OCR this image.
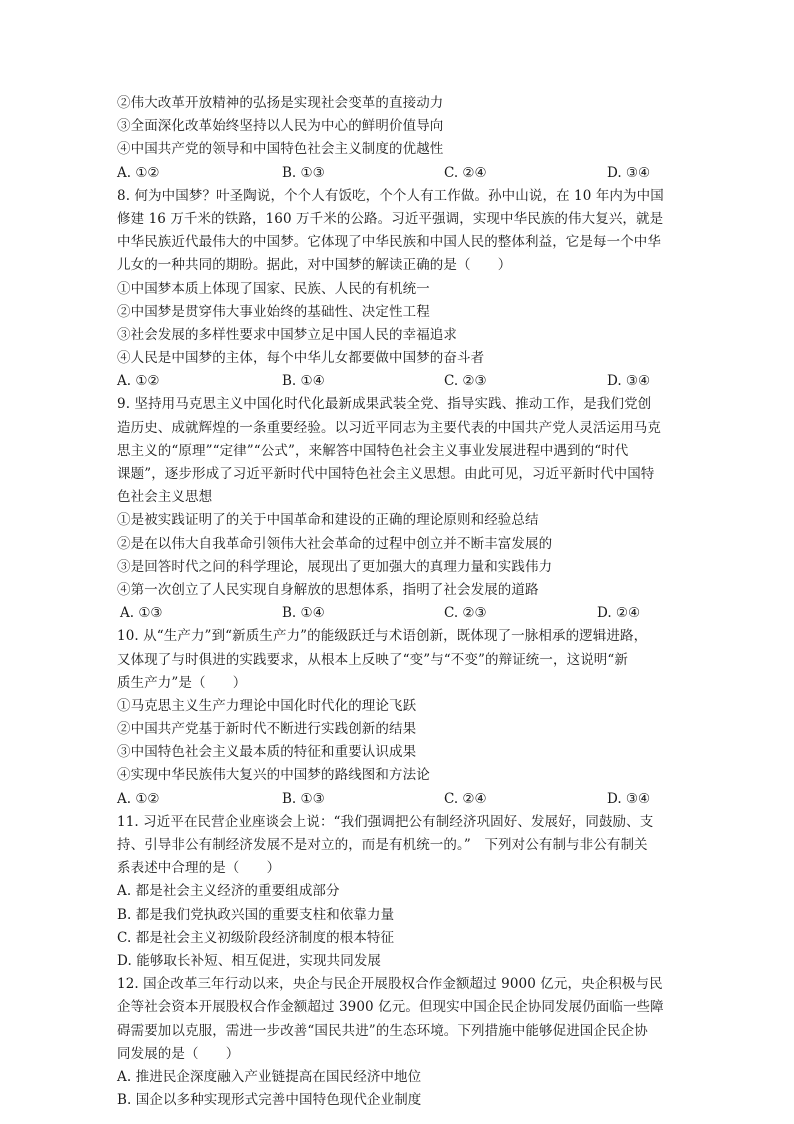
②伟大改革开放精神的弘扬是实现社会变革的直接动力
③全面深化改革始终坚持以人民为中心的鲜明价值导向
④中国共产党的领导和中国特色社会主义制度的优越性
A. ①②	B. ①③	C. ②④	D. ③④
8. 何为中国梦？叶圣陶说，个个人有饭吃，个个人有工作做。孙中山说，在 10 年内为中国
修建 16 万千米的铁路，160 万千米的公路。习近平强调，实现中华民族的伟大复兴，就是
中华民族近代最伟大的中国梦。它体现了中华民族和中国人民的整体利益，它是每一个中华
儿女的一种共同的期盼。据此，对中国梦的解读正确的是（　　）
①中国梦本质上体现了国家、民族、人民的有机统一
②中国梦是贯穿伟大事业始终的基础性、决定性工程
③社会发展的多样性要求中国梦立足中国人民的幸福追求
④人民是中国梦的主体，每个中华儿女都要做中国梦的奋斗者
A. ①②	B. ①④	C. ②③	D. ③④
9. 坚持用马克思主义中国化时代化最新成果武装全党、指导实践、推动工作，是我们党创
造历史、成就辉煌的一条重要经验。以习近平同志为主要代表的中国共产党人灵活运用马克
思主义的“原理”“定律”“公式”，来解答中国特色社会主义事业发展进程中遇到的“时代
课题”，逐步形成了习近平新时代中国特色社会主义思想。由此可见，习近平新时代中国特
色社会主义思想
①是被实践证明了的关于中国革命和建设的正确的理论原则和经验总结
②是在以伟大自我革命引领伟大社会革命的过程中创立并不断丰富发展的
③是回答时代之问的科学理论，展现出了更加强大的真理力量和实践伟力
④第一次创立了人民实现自身解放的思想体系，指明了社会发展的道路
A. ①③	B. ①④	C. ②③	D. ②④
10. 从“生产力”到“新质生产力”的能级跃迁与术语创新，既体现了一脉相承的逻辑进路，
又体现了与时俱进的实践要求，从根本上反映了“变”与“不变”的辩证统一，这说明“新
质生产力”是（　　）
①马克思主义生产力理论中国化时代化的理论飞跃
②中国共产党基于新时代不断进行实践创新的结果
③中国特色社会主义最本质的特征和重要认识成果
④实现中华民族伟大复兴的中国梦的路线图和方法论
A. ①②	B. ①③	C. ②④	D. ③④
11. 习近平在民营企业座谈会上说：“我们强调把公有制经济巩固好、发展好，同鼓励、支
持、引导非公有制经济发展不是对立的，而是有机统一的。”　下列对公有制与非公有制关
系表述中合理的是（　　）
A. 都是社会主义经济的重要组成部分
B. 都是我们党执政兴国的重要支柱和依靠力量
C. 都是社会主义初级阶段经济制度的根本特征
D. 能够取长补短、相互促进，实现共同发展
12. 国企改革三年行动以来，央企与民企开展股权合作金额超过 9000 亿元，央企积极与民
企等社会资本开展股权合作金额超过 3900 亿元。但现实中国企民企协同发展仍面临一些障
碍需要加以克服，需进一步改善“国民共进”的生态环境。下列措施中能够促进国企民企协
同发展的是（　　）
A. 推进民企深度融入产业链提高在国民经济中地位
B. 国企以多种实现形式完善中国特色现代企业制度
